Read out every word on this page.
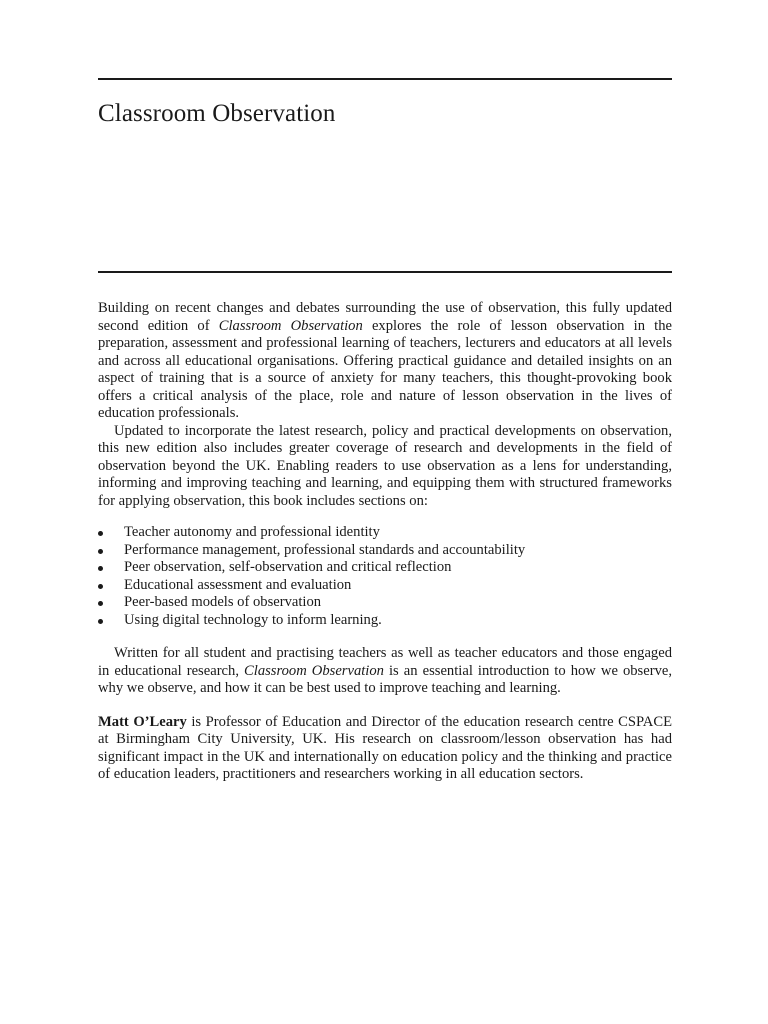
Classroom Observation

Building on recent changes and debates surrounding the use of observation, this fully updated second edition of Classroom Observation explores the role of lesson observation in the preparation, assessment and professional learning of teachers, lecturers and educators at all levels and across all educational organisations. Offering practical guidance and detailed insights on an aspect of training that is a source of anxiety for many teachers, this thought-provoking book offers a critical analysis of the place, role and nature of lesson observation in the lives of education professionals.

Updated to incorporate the latest research, policy and practical developments on observation, this new edition also includes greater coverage of research and developments in the field of observation beyond the UK. Enabling readers to use observation as a lens for understanding, informing and improving teaching and learning, and equipping them with structured frameworks for applying observation, this book includes sections on:

Teacher autonomy and professional identity
Performance management, professional standards and accountability
Peer observation, self-observation and critical reflection
Educational assessment and evaluation
Peer-based models of observation
Using digital technology to inform learning.

Written for all student and practising teachers as well as teacher educators and those engaged in educational research, Classroom Observation is an essential introduction to how we observe, why we observe, and how it can be best used to improve teaching and learning.

Matt O’Leary is Professor of Education and Director of the education research centre CSPACE at Birmingham City University, UK. His research on classroom/lesson observation has had significant impact in the UK and internationally on education policy and the thinking and practice of education leaders, practitioners and researchers working in all education sectors.
